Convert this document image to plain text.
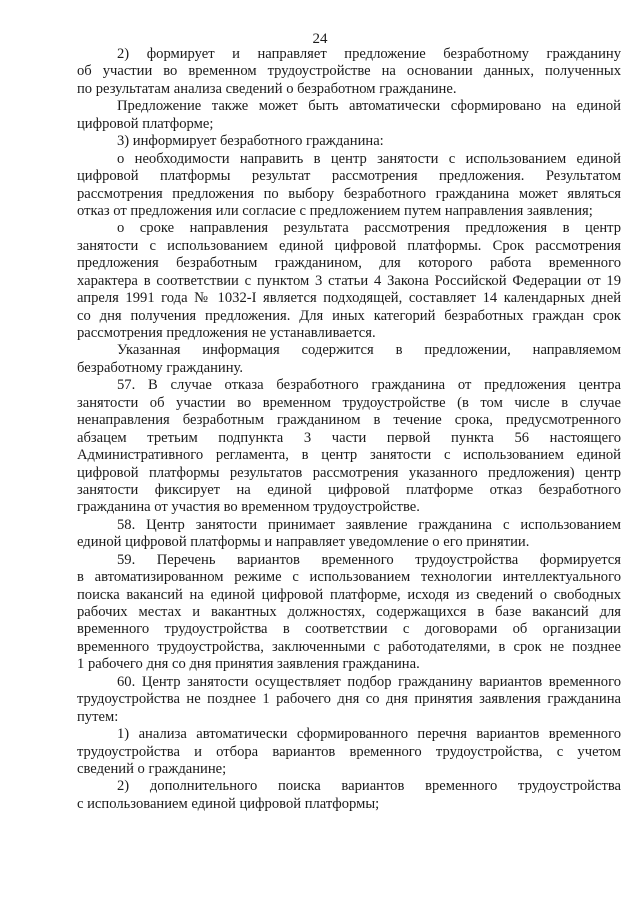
24
2) формирует и направляет предложение безработному гражданину
об участии во временном трудоустройстве на основании данных, полученных
по результатам анализа сведений о безработном гражданине.
Предложение также может быть автоматически сформировано на единой
цифровой платформе;
3) информирует безработного гражданина:
о необходимости направить в центр занятости с использованием единой
цифровой платформы результат рассмотрения предложения. Результатом
рассмотрения предложения по выбору безработного гражданина может являться
отказ от предложения или согласие с предложением путем направления заявления;
о сроке направления результата рассмотрения предложения в центр
занятости с использованием единой цифровой платформы. Срок рассмотрения
предложения безработным гражданином, для которого работа временного
характера в соответствии с пунктом 3 статьи 4 Закона Российской Федерации от 19
апреля 1991 года № 1032-I является подходящей, составляет 14 календарных дней
со дня получения предложения. Для иных категорий безработных граждан срок
рассмотрения предложения не устанавливается.
Указанная информация содержится в предложении, направляемом
безработному гражданину.
57. В случае отказа безработного гражданина от предложения центра
занятости об участии во временном трудоустройстве (в том числе в случае
ненаправления безработным гражданином в течение срока, предусмотренного
абзацем третьим подпункта 3 части первой пункта 56 настоящего
Административного регламента, в центр занятости с использованием единой
цифровой платформы результатов рассмотрения указанного предложения) центр
занятости фиксирует на единой цифровой платформе отказ безработного
гражданина от участия во временном трудоустройстве.
58. Центр занятости принимает заявление гражданина с использованием
единой цифровой платформы и направляет уведомление о его принятии.
59. Перечень вариантов временного трудоустройства формируется
в автоматизированном режиме с использованием технологии интеллектуального
поиска вакансий на единой цифровой платформе, исходя из сведений о свободных
рабочих местах и вакантных должностях, содержащихся в базе вакансий для
временного трудоустройства в соответствии с договорами об организации
временного трудоустройства, заключенными с работодателями, в срок не позднее
1 рабочего дня со дня принятия заявления гражданина.
60. Центр занятости осуществляет подбор гражданину вариантов временного
трудоустройства не позднее 1 рабочего дня со дня принятия заявления гражданина
путем:
1) анализа автоматически сформированного перечня вариантов временного
трудоустройства и отбора вариантов временного трудоустройства, с учетом
сведений о гражданине;
2) дополнительного поиска вариантов временного трудоустройства
с использованием единой цифровой платформы;
